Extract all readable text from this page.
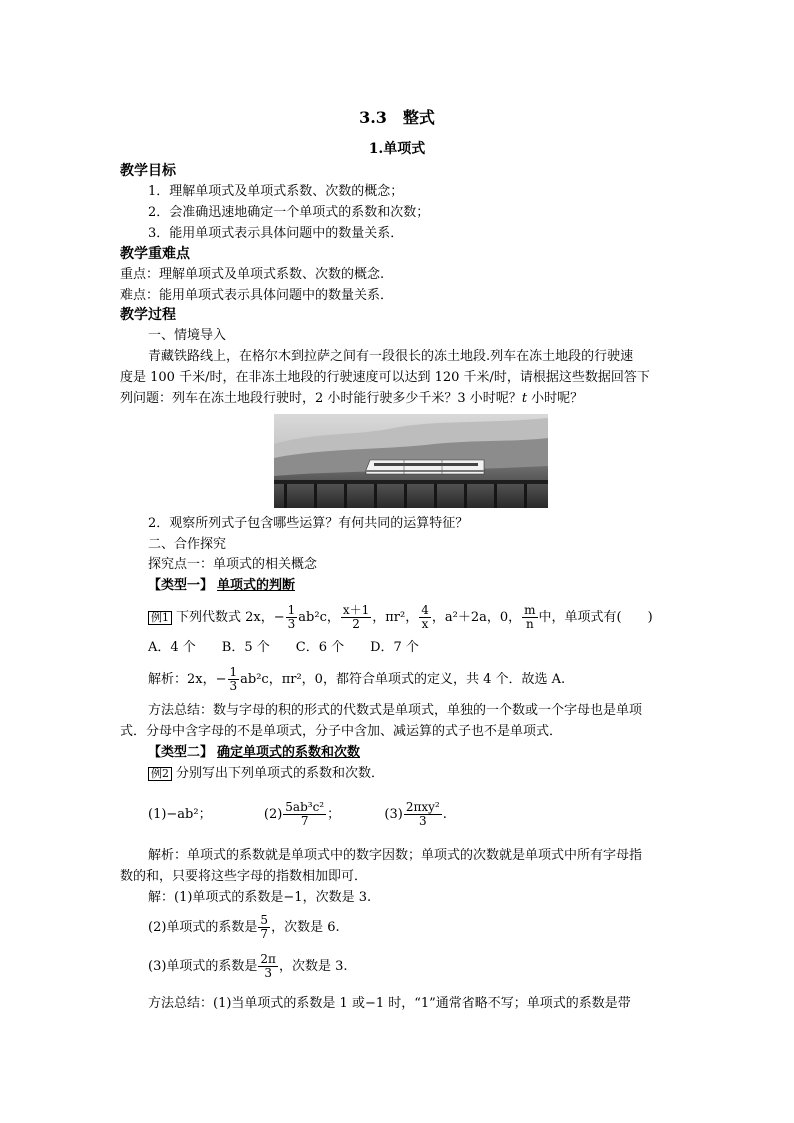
3.3　整式
1.单项式
教学目标
1．理解单项式及单项式系数、次数的概念；
2．会准确迅速地确定一个单项式的系数和次数；
3．能用单项式表示具体问题中的数量关系．
教学重难点
重点：理解单项式及单项式系数、次数的概念.
难点：能用单项式表示具体问题中的数量关系．
教学过程
一、情境导入
青藏铁路线上，在格尔木到拉萨之间有一段很长的冻土地段.列车在冻土地段的行驶速
度是 100 千米/时，在非冻土地段的行驶速度可以达到 120 千米/时，请根据这些数据回答下
列问题：列车在冻土地段行驶时，2 小时能行驶多少千米？3 小时呢？t 小时呢？
2．观察所列式子包含哪些运算？有何共同的运算特征？
二、合作探究
探究点一：单项式的相关概念
【类型一】 单项式的判断
例1 下列代数式 2x，− $\frac{1}{3} ab^2c$， $\frac{x+1}{2}$ ，πr²， $\frac{4}{x}$ ，a²＋2a，0， $\frac{m}{n}$ 中，单项式有(　　)
A．4 个　　B．5 个　　C．6 个　　D．7 个
解析：2x，− $\frac{1}{3} ab^2c$，πr²，0，都符合单项式的定义，共 4 个．故选 A.
方法总结：数与字母的积的形式的代数式是单项式，单独的一个数或一个字母也是单项
式．分母中含字母的不是单项式，分子中含加、减运算的式子也不是单项式．
【类型二】 确定单项式的系数和次数
例2 分别写出下列单项式的系数和次数．
(1)−ab²；	$(2) \frac{\text{5ab³c²}}{7}$ ；	$(3) \frac{\text{2πxy²}}{3}$ .
解析：单项式的系数就是单项式中的数字因数；单项式的次数就是单项式中所有字母指
数的和，只要将这些字母的指数相加即可．
解：(1)单项式的系数是−1，次数是 3.
(2)单项式的系数是 $\frac{5}{7}$ ，次数是 6.
(3)单项式的系数是 $\frac{2\pi}{3}$ ，次数是 3.
方法总结：(1)当单项式的系数是 1 或−1 时，“1”通常省略不写；单项式的系数是带
